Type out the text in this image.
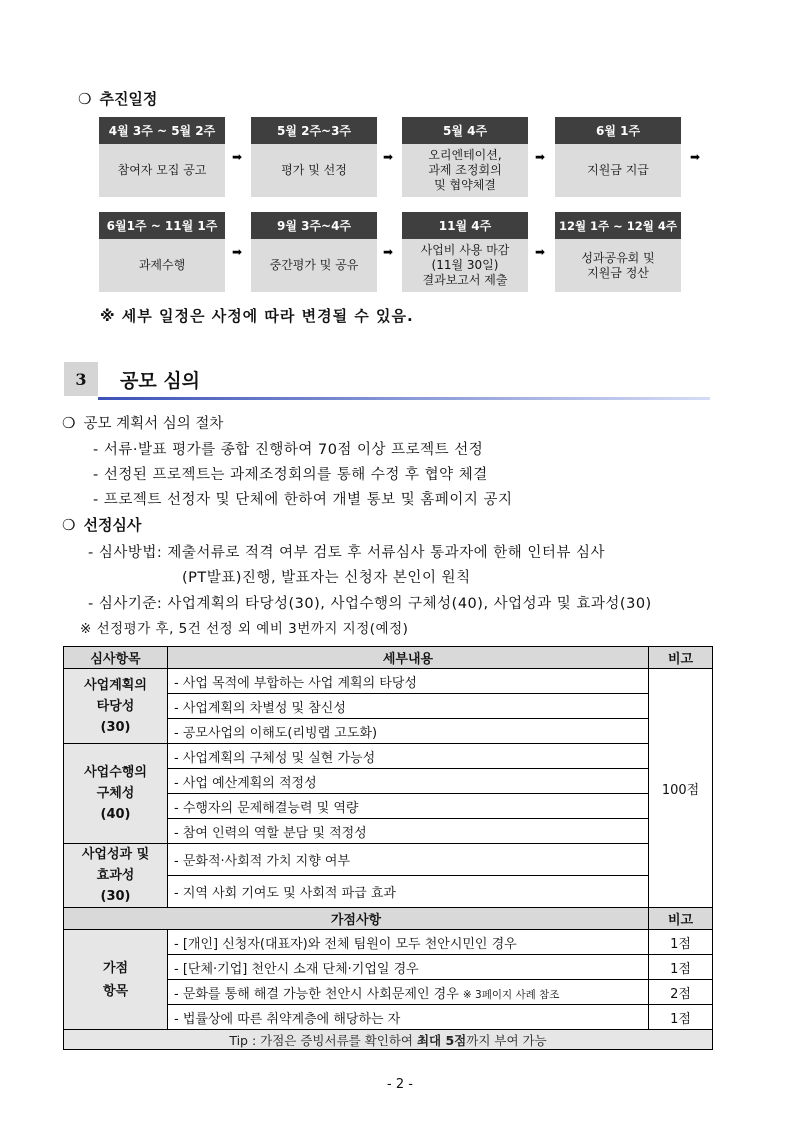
❍ 추진일정
4월 3주 ~ 5월 2주
참여자 모집 공고
➡
5월 2주~3주
평가 및 선정
➡
5월 4주
오리엔테이션,
과제 조정회의
및 협약체결
➡
6월 1주
지원금 지급
➡
6월1주 ~ 11월 1주
과제수행
➡
9월 3주~4주
중간평가 및 공유
➡
11월 4주
사업비 사용 마감
(11월 30일)
결과보고서 제출
➡
12월 1주 ~ 12월 4주
성과공유회 및
지원금 정산
※ 세부 일정은 사정에 따라 변경될 수 있음.
3	공모 심의
❍ 공모 계획서 심의 절차
- 서류·발표 평가를 종합 진행하여 70점 이상 프로젝트 선정
- 선정된 프로젝트는 과제조정회의를 통해 수정 후 협약 체결
- 프로젝트 선정자 및 단체에 한하여 개별 통보 및 홈페이지 공지
❍ 선정심사
- 심사방법: 제출서류로 적격 여부 검토 후 서류심사 통과자에 한해 인터뷰 심사
(PT발표)진행, 발표자는 신청자 본인이 원칙
- 심사기준: 사업계획의 타당성(30), 사업수행의 구체성(40), 사업성과 및 효과성(30)
※ 선정평가 후, 5건 선정 외 예비 3번까지 지정(예정)
심사항목	세부내용	비고
사업계획의
타당성
(30)	- 사업 목적에 부합하는 사업 계획의 타당성	100점
	- 사업계획의 차별성 및 참신성	
	- 공모사업의 이해도(리빙랩 고도화)	
사업수행의
구체성
(40)	- 사업계획의 구체성 및 실현 가능성	
	- 사업 예산계획의 적정성	
	- 수행자의 문제해결능력 및 역량	
	- 참여 인력의 역할 분담 및 적정성	
사업성과 및
효과성
(30)	- 문화적·사회적 가치 지향 여부	
	- 지역 사회 기여도 및 사회적 파급 효과	
가점사항		비고
가점
항목	- [개인] 신청자(대표자)와 전체 팀원이 모두 천안시민인 경우	1점
	- [단체·기업] 천안시 소재 단체·기업일 경우	1점
	- 문화를 통해 해결 가능한 천안시 사회문제인 경우 ※ 3페이지 사례 참조	2점
	- 법률상에 따른 취약계층에 해당하는 자	1점
Tip : 가점은 증빙서류를 확인하여 최대 5점까지 부여 가능		
- 2 -
